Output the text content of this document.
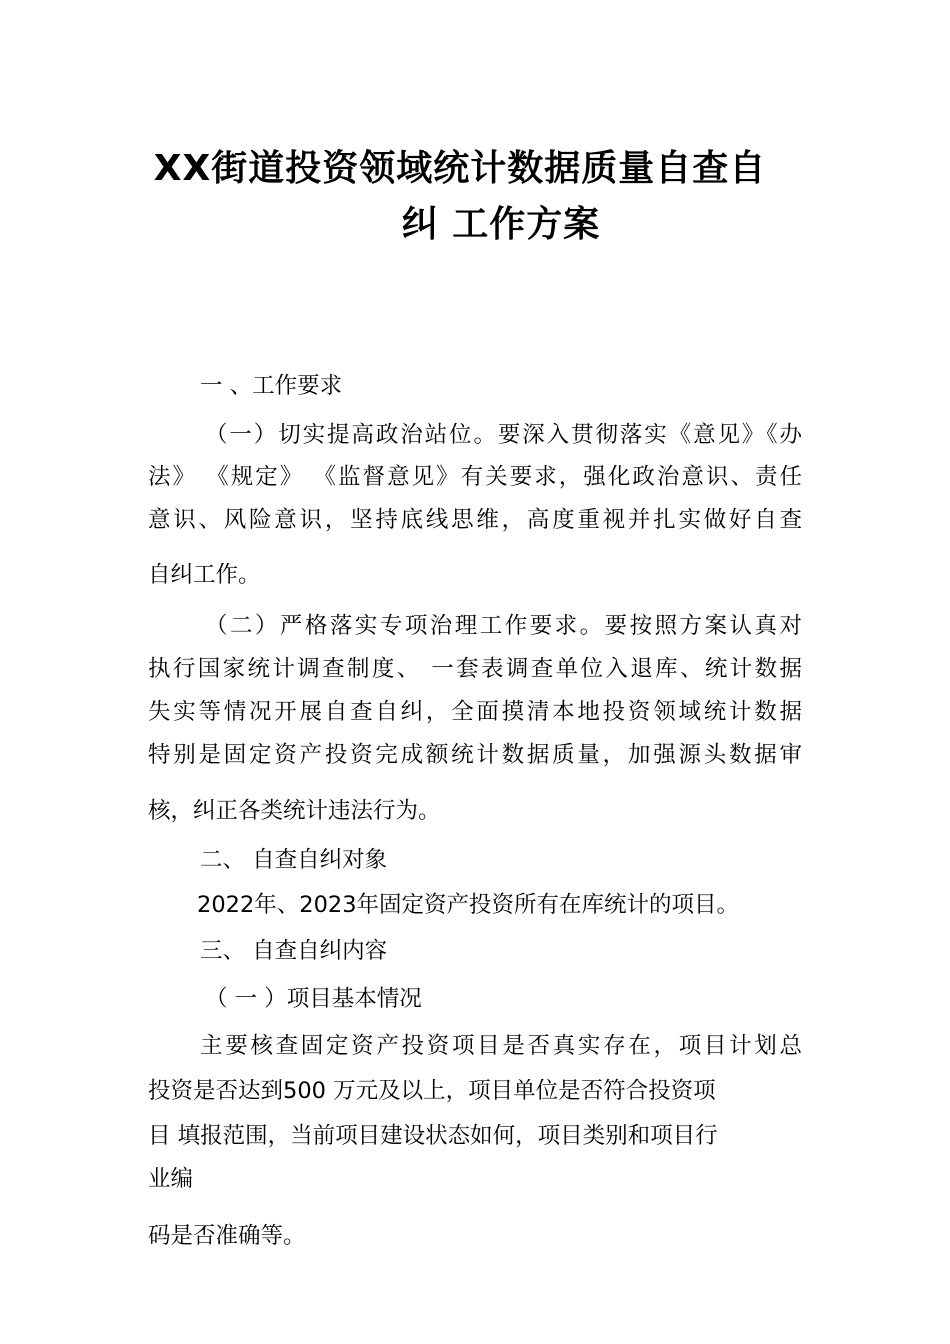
XX街道投资领域统计数据质量自查自
纠 工作方案
一 、工作要求
（一）切实提高政治站位。要深入贯彻落实《意见》《办
法》 《规定》 《监督意见》有关要求，强化政治意识、责任
意识、风险意识，坚持底线思维，高度重视并扎实做好自查
自纠工作。
（二）严格落实专项治理工作要求。要按照方案认真对
执行国家统计调查制度、 一套表调查单位入退库、统计数据
失实等情况开展自查自纠，全面摸清本地投资领域统计数据
特别是固定资产投资完成额统计数据质量，加强源头数据审
核，纠正各类统计违法行为。
二、 自查自纠对象
2022年、2023年固定资产投资所有在库统计的项目。
三、 自查自纠内容
（ 一 ）项目基本情况
主要核查固定资产投资项目是否真实存在，项目计划总
投资是否达到500 万元及以上，项目单位是否符合投资项
目 填报范围，当前项目建设状态如何，项目类别和项目行
业编
码是否准确等。
